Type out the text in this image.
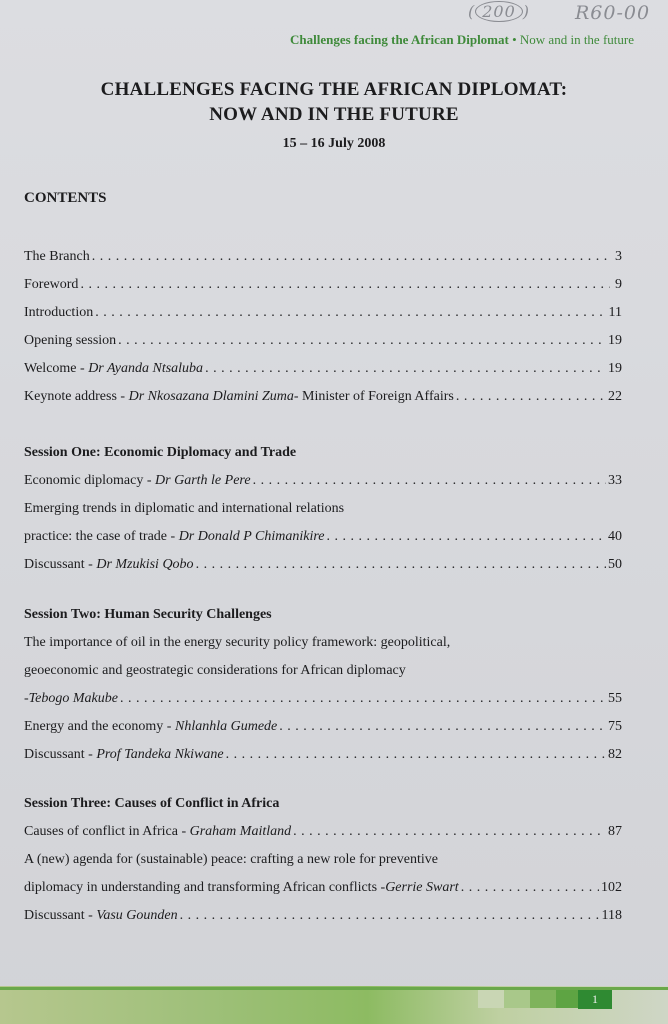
( 200 ) R60-00
Challenges facing the African Diplomat • Now and in the future
CHALLENGES FACING THE AFRICAN DIPLOMAT:
NOW AND IN THE FUTURE
15 – 16 July 2008
CONTENTS
The Branch . . .	3
Foreword . . .	9
Introduction . . .	11
Opening session . . .	19
Welcome -
Dr Ayanda Ntsaluba . . .	19
Keynote address -
Dr Nkosazana Dlamini Zuma - Minister of Foreign Affairs . . .	22
Session One: Economic Diplomacy and Trade
Economic diplomacy -
Dr Garth le Pere . . .	33
Emerging trends in diplomatic and international relations
practice: the case of trade -
Dr Donald P Chimanikire . . .	40
Discussant -
Dr Mzukisi Qobo . . .	50
Session Two: Human Security Challenges
The importance of oil in the energy security policy framework: geopolitical,
geoeconomic and geostrategic considerations for African diplomacy
- Tebogo Makube . . .	55
Energy and the economy -
Nhlanhla Gumede . . .	75
Discussant -
Prof Tandeka Nkiwane . . .	82
Session Three: Causes of Conflict in Africa
Causes of conflict in Africa -
Graham Maitland . . .	87
A (new) agenda for (sustainable) peace: crafting a new role for preventive
diplomacy in understanding and transforming African conflicts - Gerrie Swart . . .	102
Discussant -
Vasu Gounden . . .	118
1
